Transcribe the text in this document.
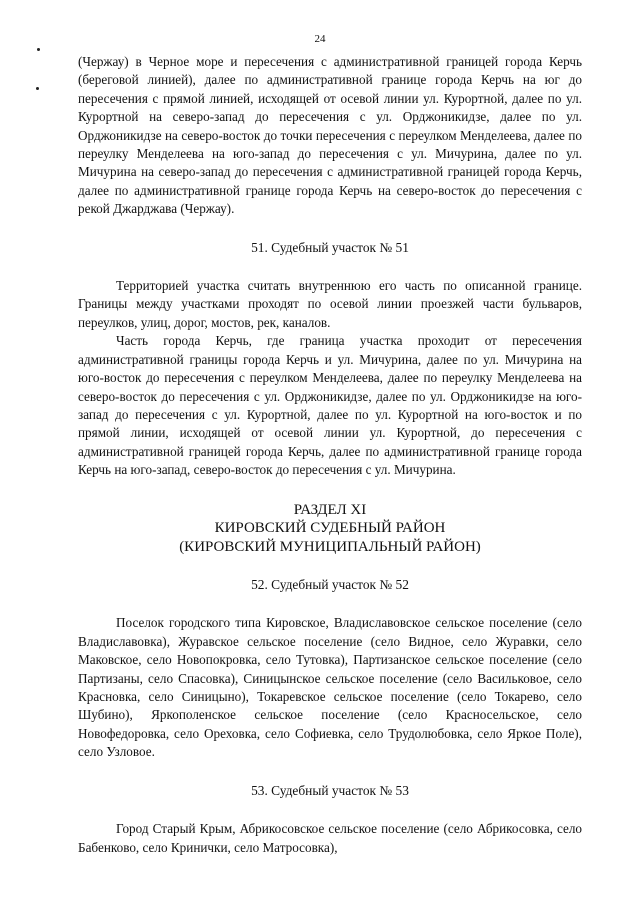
24

(Чержау) в Черное море и пересечения с административной границей города Керчь (береговой линией), далее по административной границе города Керчь на юг до пересечения с прямой линией, исходящей от осевой линии ул. Курортной, далее по ул. Курортной на северо-запад до пересечения с ул. Орджоникидзе, далее по ул. Орджоникидзе на северо-восток до точки пересечения с переулком Менделеева, далее по переулку Менделеева на юго-запад до пересечения с ул. Мичурина, далее по ул. Мичурина на северо-запад до пересечения с административной границей города Керчь, далее по административной границе города Керчь на северо-восток до пересечения с рекой Джарджава (Чержау).

51. Судебный участок № 51

Территорией участка считать внутреннюю его часть по описанной границе. Границы между участками проходят по осевой линии проезжей части бульваров, переулков, улиц, дорог, мостов, рек, каналов.

Часть города Керчь, где граница участка проходит от пересечения административной границы города Керчь и ул. Мичурина, далее по ул. Мичурина на юго-восток до пересечения с переулком Менделеева, далее по переулку Менделеева на северо-восток до пересечения с ул. Орджоникидзе, далее по ул. Орджоникидзе на юго-запад до пересечения с ул. Курортной, далее по ул. Курортной на юго-восток и по прямой линии, исходящей от осевой линии ул. Курортной, до пересечения с административной границей города Керчь, далее по административной границе города Керчь на юго-запад, северо-восток до пересечения с ул. Мичурина.

РАЗДЕЛ XI

КИРОВСКИЙ СУДЕБНЫЙ РАЙОН

(КИРОВСКИЙ МУНИЦИПАЛЬНЫЙ РАЙОН)

52. Судебный участок № 52

Поселок городского типа Кировское, Владиславовское сельское поселение (село Владиславовка), Журавское сельское поселение (село Видное, село Журавки, село Маковское, село Новопокровка, село Тутовка), Партизанское сельское поселение (село Партизаны, село Спасовка), Синицынское сельское поселение (село Васильковое, село Красновка, село Синицыно), Токаревское сельское поселение (село Токарево, село Шубино), Яркополенское сельское поселение (село Красносельское, село Новофедоровка, село Ореховка, село Софиевка, село Трудолюбовка, село Яркое Поле), село Узловое.

53. Судебный участок № 53

Город Старый Крым, Абрикосовское сельское поселение (село Абрикосовка, село Бабенково, село Кринички, село Матросовка),
